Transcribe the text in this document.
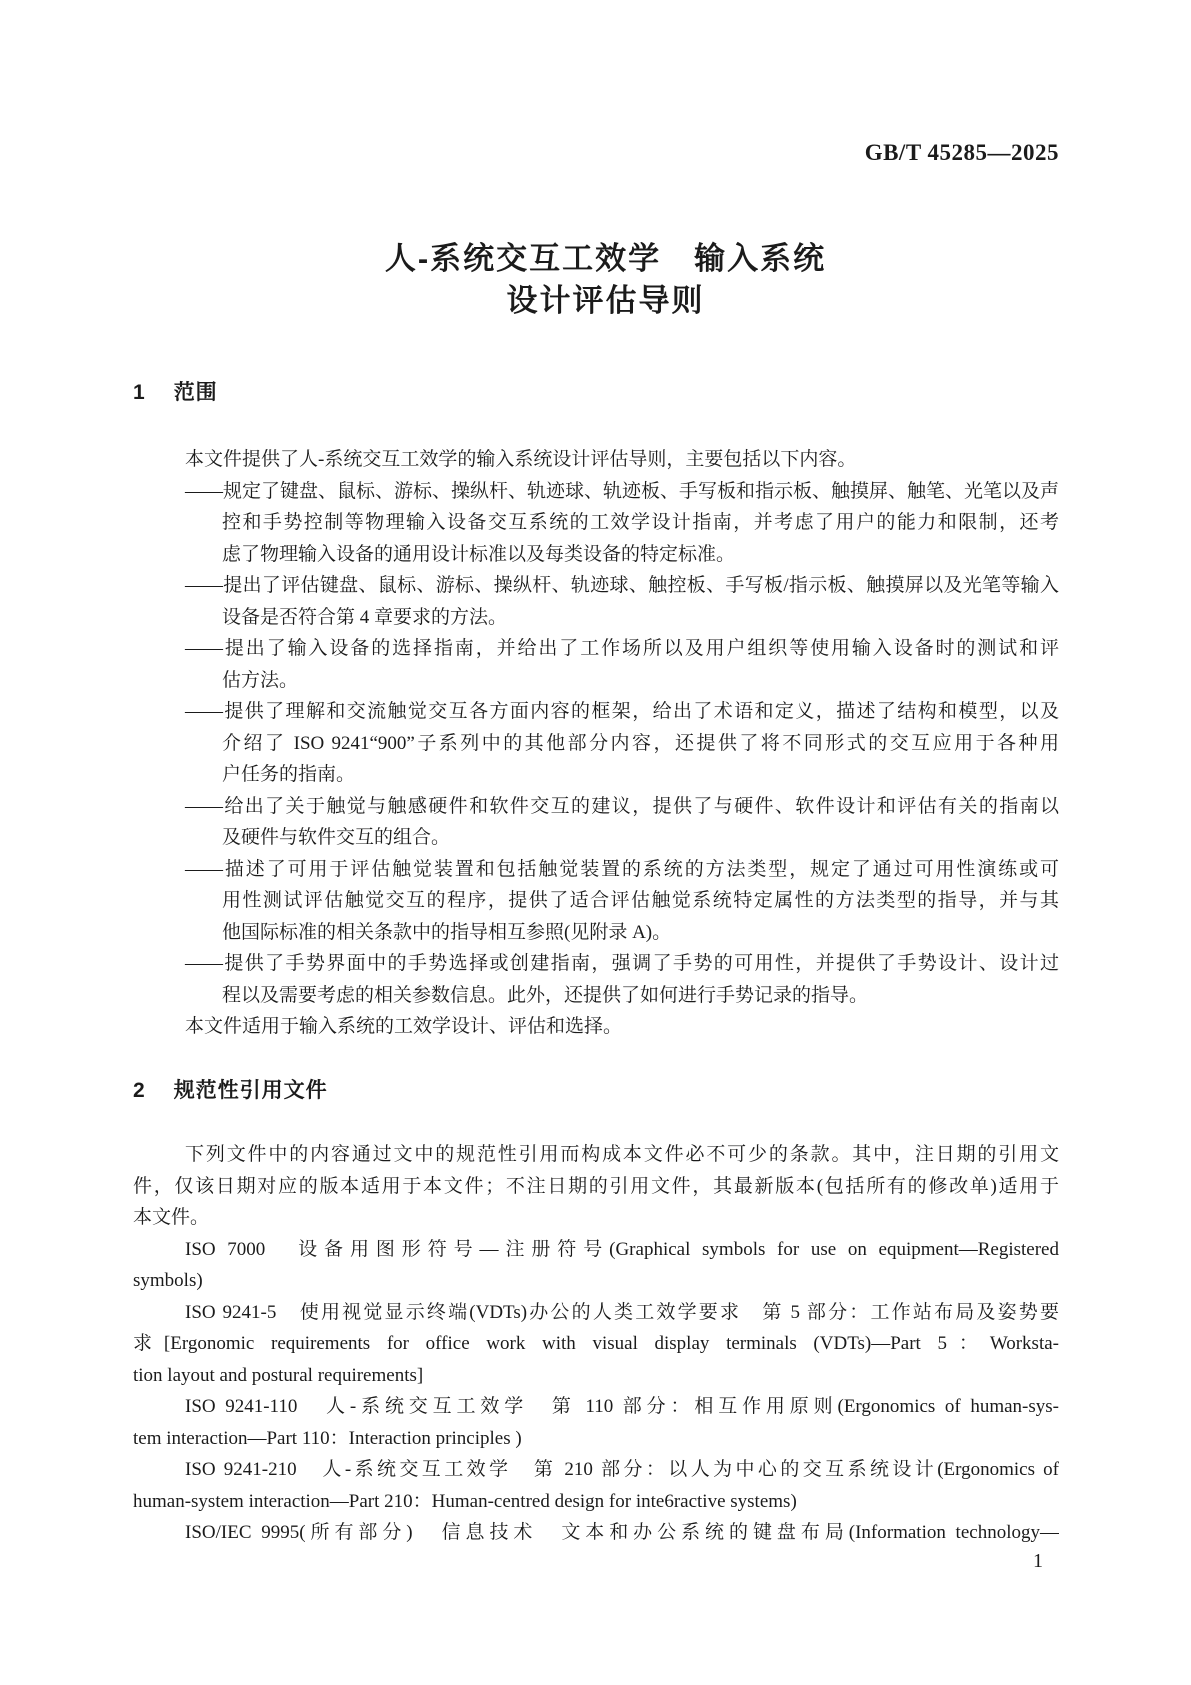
GB/T 45285—2025
人-系统交互工效学　输入系统
设计评估导则
1 范围
本文件提供了人-系统交互工效学的输入系统设计评估导则，主要包括以下内容。
——规定了键盘、鼠标、游标、操纵杆、轨迹球、轨迹板、手写板和指示板、触摸屏、触笔、光笔以及声
控和手势控制等物理输入设备交互系统的工效学设计指南，并考虑了用户的能力和限制，还考
虑了物理输入设备的通用设计标准以及每类设备的特定标准。
——提出了评估键盘、鼠标、游标、操纵杆、轨迹球、触控板、手写板/指示板、触摸屏以及光笔等输入
设备是否符合第 4 章要求的方法。
——提出了输入设备的选择指南，并给出了工作场所以及用户组织等使用输入设备时的测试和评
估方法。
——提供了理解和交流触觉交互各方面内容的框架，给出了术语和定义，描述了结构和模型，以及
介绍了 ISO 9241“900”子系列中的其他部分内容，还提供了将不同形式的交互应用于各种用
户任务的指南。
——给出了关于触觉与触感硬件和软件交互的建议，提供了与硬件、软件设计和评估有关的指南以
及硬件与软件交互的组合。
——描述了可用于评估触觉装置和包括触觉装置的系统的方法类型，规定了通过可用性演练或可
用性测试评估触觉交互的程序，提供了适合评估触觉系统特定属性的方法类型的指导，并与其
他国际标准的相关条款中的指导相互参照(见附录 A)。
——提供了手势界面中的手势选择或创建指南，强调了手势的可用性，并提供了手势设计、设计过
程以及需要考虑的相关参数信息。此外，还提供了如何进行手势记录的指导。
本文件适用于输入系统的工效学设计、评估和选择。
2 规范性引用文件
下列文件中的内容通过文中的规范性引用而构成本文件必不可少的条款。其中，注日期的引用文
件，仅该日期对应的版本适用于本文件；不注日期的引用文件，其最新版本(包括所有的修改单)适用于
本文件。
ISO 7000　设备用图形符号—注册符号(Graphical symbols for use on equipment—Registered
symbols)
ISO 9241-5　使用视觉显示终端(VDTs)办公的人类工效学要求　第 5 部分：工作站布局及姿势要
求[Ergonomic requirements for office work with visual display terminals (VDTs)—Part 5：Worksta-
tion layout and postural requirements]
ISO 9241-110　人-系统交互工效学　第 110 部分：相互作用原则(Ergonomics of human-sys-
tem interaction—Part 110：Interaction principles )
ISO 9241-210　人-系统交互工效学　第 210 部分：以人为中心的交互系统设计(Ergonomics of
human-system interaction—Part 210：Human-centred design for inte6ractive systems)
ISO/IEC 9995(所有部分)　信息技术　文本和办公系统的键盘布局(Information technology—
1
